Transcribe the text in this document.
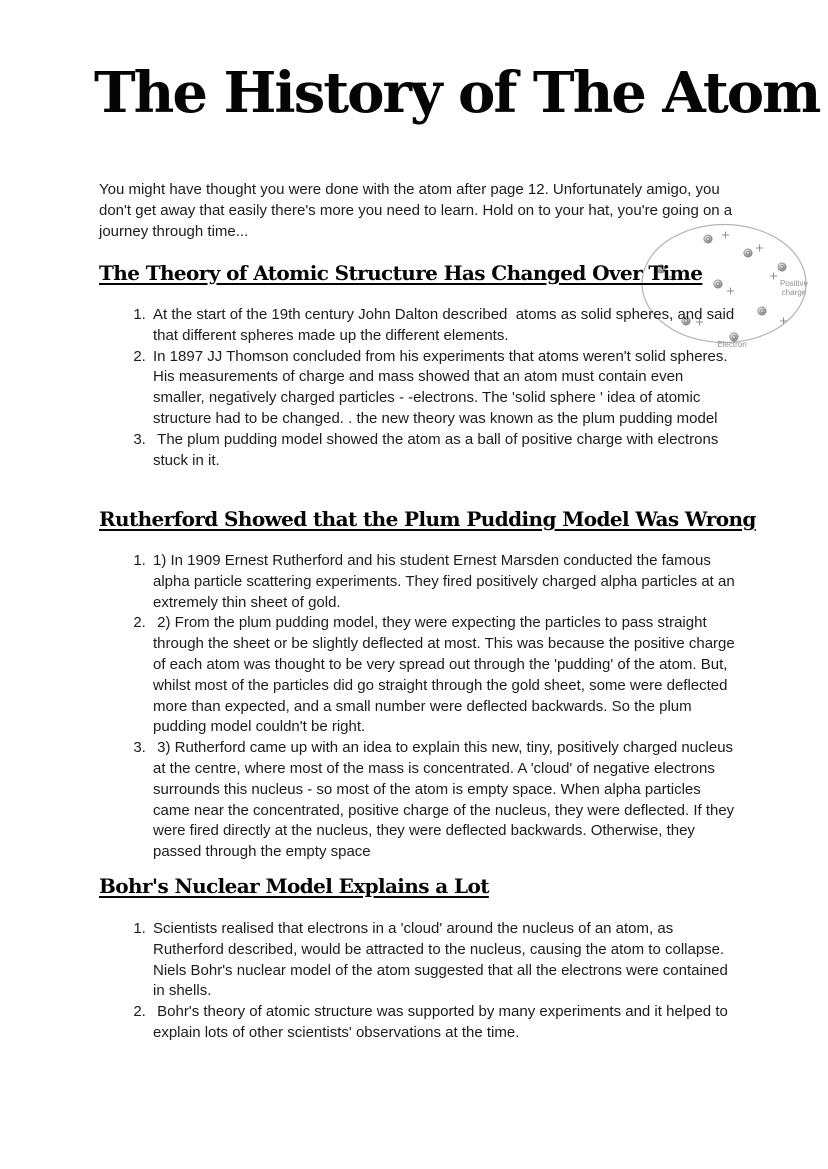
The History of The Atom

You might have thought you were done with the atom after page 12. Unfortunately amigo, you don't get away that easily there's more you need to learn. Hold on to your hat, you're going on a journey through time...

Positive charge
Electron
The Theory of Atomic Structure Has Changed Over Time
1. At the start of the 19th century John Dalton described  atoms as solid spheres, and said that different spheres made up the different elements.
2. In 1897 JJ Thomson concluded from his experiments that atoms weren't solid spheres. His measurements of charge and mass showed that an atom must contain even smaller, negatively charged particles - -electrons. The 'solid sphere ' idea of atomic structure had to be changed. . the new theory was known as the plum pudding model
3.  The plum pudding model showed the atom as a ball of positive charge with electrons stuck in it.
Rutherford Showed that the Plum Pudding Model Was Wrong
1. 1) In 1909 Ernest Rutherford and his student Ernest Marsden conducted the famous alpha particle scattering experiments. They fired positively charged alpha particles at an extremely thin sheet of gold.
2.  2) From the plum pudding model, they were expecting the particles to pass straight through the sheet or be slightly deflected at most. This was because the positive charge of each atom was thought to be very spread out through the 'pudding' of the atom. But, whilst most of the particles did go straight through the gold sheet, some were deflected more than expected, and a small number were deflected backwards. So the plum pudding model couldn't be right.
3.  3) Rutherford came up with an idea to explain this new, tiny, positively charged nucleus at the centre, where most of the mass is concentrated. A 'cloud' of negative electrons surrounds this nucleus - so most of the atom is empty space. When alpha particles came near the concentrated, positive charge of the nucleus, they were deflected. If they were fired directly at the nucleus, they were deflected backwards. Otherwise, they passed through the empty space
Bohr's Nuclear Model Explains a Lot
1. Scientists realised that electrons in a 'cloud' around the nucleus of an atom, as Rutherford described, would be attracted to the nucleus, causing the atom to collapse. Niels Bohr's nuclear model of the atom suggested that all the electrons were contained in shells.
2.  Bohr's theory of atomic structure was supported by many experiments and it helped to explain lots of other scientists' observations at the time.
